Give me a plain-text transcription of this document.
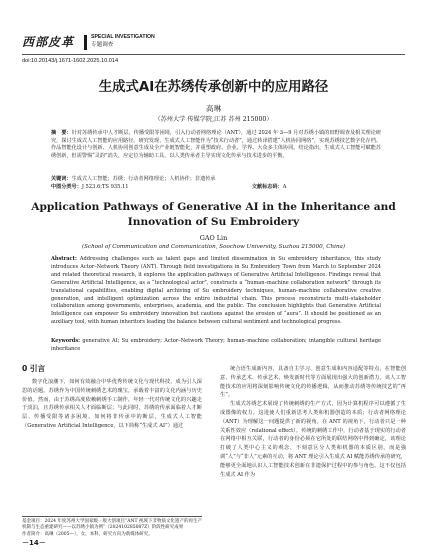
西部皮革	SPECIAL INVESTIGATION
专题调查
doi:10.20143/j.1671-1602.2025.10.014
生成式AI在苏绣传承创新中的应用路径
高琳
（苏州大学 传媒学院,江苏 苏州 215000）
摘　要：针对苏绣传承中人才断层、传播受限等困境，引入行动者网络理论（ANT），通过 2024 年 3—9 月对苏绣小镇的田野调查及相关理论研究，探讨生成式人工智能的应用路径。研究发现，生成式人工智能作为“技术行动者”，通过转译搭建“人机协同网络”，实现苏绣技艺数字化存档、作品智能化设计与创新、人机协同创意生成及全产业链智能化，并重塑政府、企业、学界、大众多主体协同。结论指出，生成式人工智能可赋能苏绣创新，但需警惕“灵韵”消失，应定位为辅助工具，以人类传承者主导实现文化传承与技术进步的平衡。
关键词：生成式人工智能；苏绣；行动者网络理论；人机协作；非遗传承
中图分类号：J 523.6;TS 935.11	文献标志码：A
Application Pathways of Generative AI in the Inheritance and
Innovation of Su Embroidery
GAO Lin
(School of Communication and Communication, Soochow University, Suzhou 215000, China)
Abstract: Addressing challenges such as talent gaps and limited dissemination in Su embroidery inheritance, this study introduces Actor–Network Theory (ANT). Through field investigations in Su Embroidery Town from March to September 2024 and related theoretical research, it explores the application pathways of Generative Artificial Intelligence. Findings reveal that Generative Artificial Intelligence, as a “technological actor”, constructs a “human–machine collaboration network” through its translational capabilities, enabling digital archiving of Su embroidery techniques, human–machine collaborative creative generation, and intelligent optimization across the entire industrial chain. This process reconstructs multi–stakeholder collaboration among governments, enterprises, academia, and the public. The conclusion highlights that Generative Artificial Intelligence can empower Su embroidery innovation but cautions against the erosion of “aura”. It should be positioned as an auxiliary tool, with human inheritors leading the balance between cultural sentiment and technological progress.
Keywords: generative AI; Su embroidery; Actor–Network Theory; human–machine collaboration; intangible cultural heritage inheritance
0 引言

数字化浪潮下，如何有效融合中华优秀传统文化与现代科技，成为引人深思的话题。苏绣作为中国传统刺绣艺术的瑰宝，承载着丰富的文化内涵与历史价值。然而，由于苏绣高度依赖刺绣手工制作，年轻一代对传统文化的兴趣走于淡泊，且苏绣传承相关人才面临断层；与此同时，苏绣的传承面临着人才断层、传播受限等诸多困境。如何将非传承中的断层，生成式人工智能（Generative Artificial Intelligence，以下简称“生成式 AI”）通过

统合语生成新内容，具备自主学习、创意生成和内容适配等特点，在智能创意、传承艺术、传承艺术、焕发新时代等方面展现出强大的创新潜力。该人工智能技术的应用将深刻影响传统文化的传播逻辑，从而推动苏绣等传统技艺的“再生”。

生成式苏绣艺术展现了传统刺绣的生产方式，因为计算机程序可以遵循了生成图像的权力。这进使人们重新思考人类和机器创造的本质；行动者网络理论（ANT）为理解这一问题提供了新的视角。在 ANT 的视角下，行动者只是一种关系性效应（relational effect）。传统的刺绣工作中，行动者基于现实的行动者在网络中相互关联，行动者的身份必须在它所处的联结网络中得到确定，该理论打破了人类中心主义的观念，不刻意区分人类和机器的本质区别，而是强调“人”与“非人”元素的互动，将 ANT 理论引入生成式 AI 赋能苏绣传承的研究，能够更全面地认识人工智能技术创新在非遗保护过程中的参与角色。这不仅包括生成式 AI 作为

基金项目：2024 年度苏州大学国家级一般大创项目“ANT 视域下非物质文化遗产的再生产机制与生态重建研究——以苏绣小镇为例”（202410285087Z）阶段性研究成果

作者简介：高琳（2005—），女，本科，研究方向为新媒体研究。

－14－
